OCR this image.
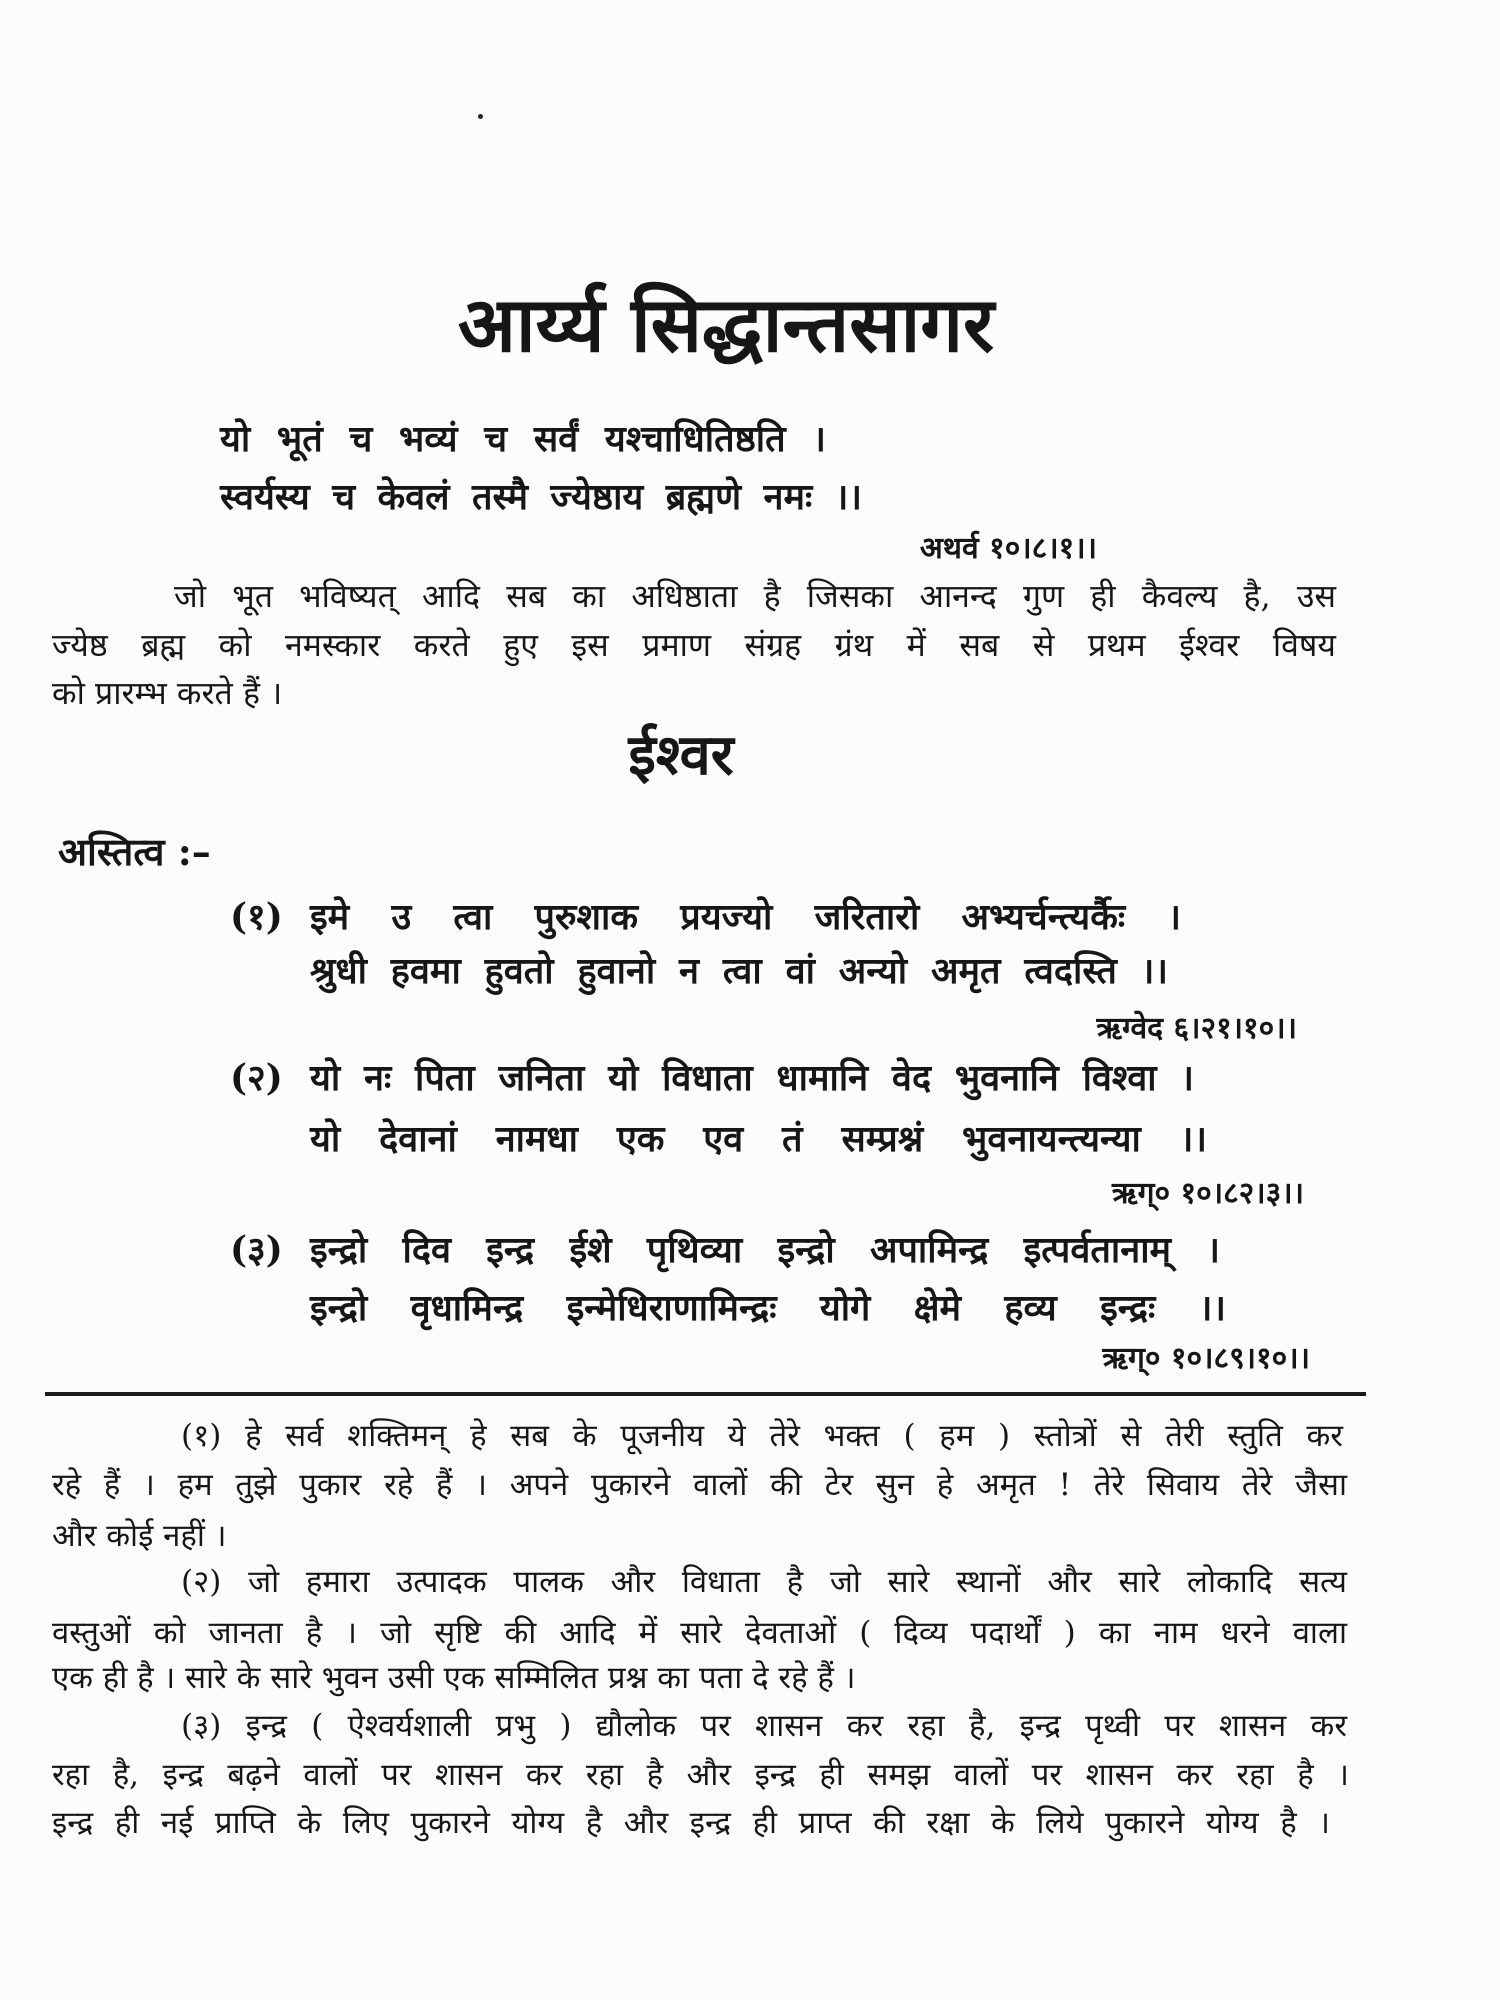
आर्य्य सिद्धान्तसागर
यो भूतं च भव्यं च सर्वं यश्चाधितिष्ठति ।
स्वर्यस्य च केवलं तस्मै ज्येष्ठाय ब्रह्मणे नमः ।।
अथर्व १०।८।१।।
जो भूत भविष्यत् आदि सब का अधिष्ठाता है जिसका आनन्द गुण ही कैवल्य है, उस
ज्येष्ठ ब्रह्म को नमस्कार करते हुए इस प्रमाण संग्रह ग्रंथ में सब से प्रथम ईश्वर विषय
को प्रारम्भ करते हैं ।
ईश्वर
अस्तित्व :–
(१) इमे उ त्वा पुरुशाक प्रयज्यो जरितारो अभ्यर्चन्त्यर्कैः ।
श्रुधी हवमा हुवतो हुवानो न त्वा वां अन्यो अमृत त्वदस्ति ।।
ऋग्वेद ६।२१।१०।।
(२) यो नः पिता जनिता यो विधाता धामानि वेद भुवनानि विश्वा ।
यो देवानां नामधा एक एव तं सम्प्रश्नं भुवनायन्त्यन्या ।।
ऋग्० १०।८२।३।।
(३) इन्द्रो दिव इन्द्र ईशे पृथिव्या इन्द्रो अपामिन्द्र इत्पर्वतानाम् ।
इन्द्रो वृधामिन्द्र इन्मेधिराणामिन्द्रः योगे क्षेमे हव्य इन्द्रः ।।
ऋग्० १०।८९।१०।।
(१) हे सर्व शक्तिमन् हे सब के पूजनीय ये तेरे भक्त ( हम ) स्तोत्रों से तेरी स्तुति कर
रहे हैं । हम तुझे पुकार रहे हैं । अपने पुकारने वालों की टेर सुन हे अमृत ! तेरे सिवाय तेरे जैसा
और कोई नहीं ।
(२) जो हमारा उत्पादक पालक और विधाता है जो सारे स्थानों और सारे लोकादि सत्य
वस्तुओं को जानता है । जो सृष्टि की आदि में सारे देवताओं ( दिव्य पदार्थों ) का नाम धरने वाला
एक ही है । सारे के सारे भुवन उसी एक सम्मिलित प्रश्न का पता दे रहे हैं ।
(३) इन्द्र ( ऐश्वर्यशाली प्रभु ) द्यौलोक पर शासन कर रहा है, इन्द्र पृथ्वी पर शासन कर
रहा है, इन्द्र बढ़ने वालों पर शासन कर रहा है और इन्द्र ही समझ वालों पर शासन कर रहा है ।
इन्द्र ही नई प्राप्ति के लिए पुकारने योग्य है और इन्द्र ही प्राप्त की रक्षा के लिये पुकारने योग्य है ।
